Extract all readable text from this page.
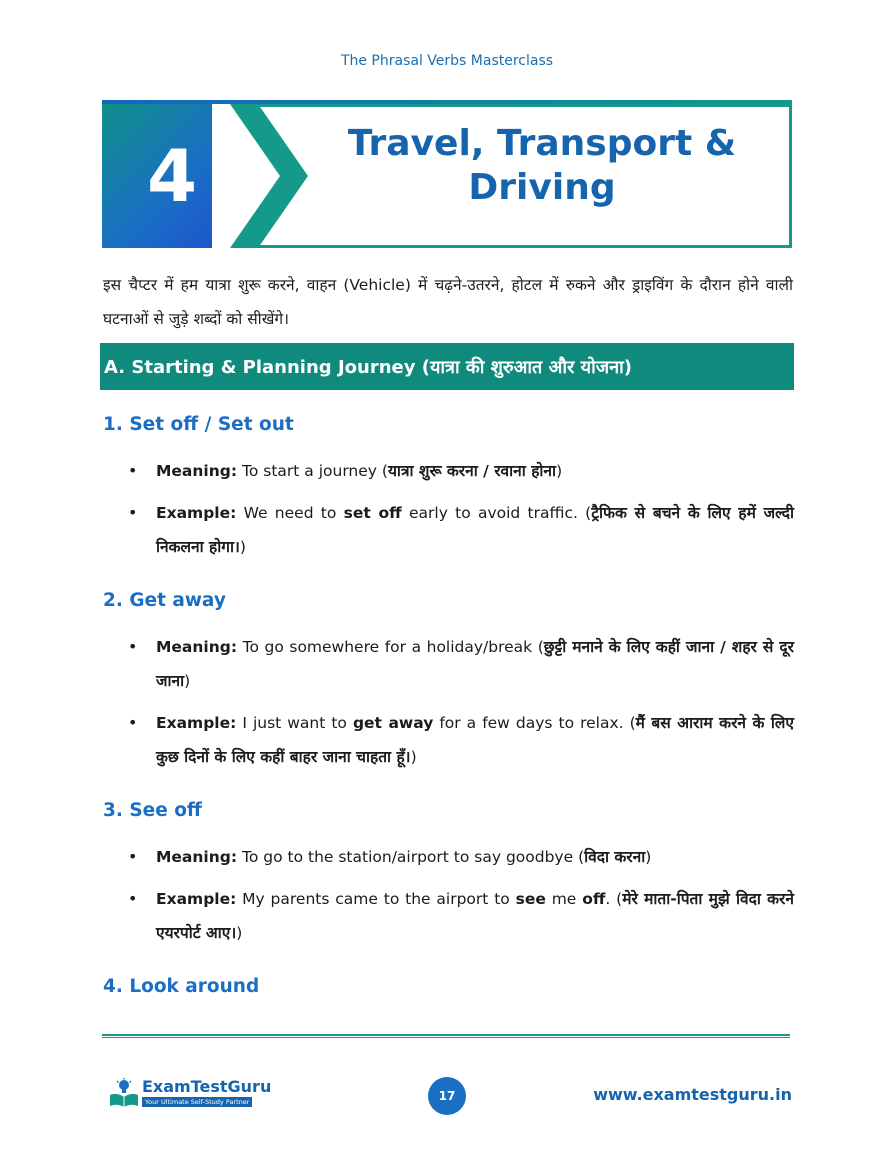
The Phrasal Verbs Masterclass
4	Travel, Transport &
Driving
इस चैप्टर में हम यात्रा शुरू करने, वाहन (Vehicle) में चढ़ने-उतरने, होटल में रुकने और ड्राइविंग के दौरान होने वाली घटनाओं से जुड़े शब्दों को सीखेंगे।
A. Starting & Planning Journey (यात्रा की शुरुआत और योजना)
1. Set off / Set out
•	Meaning: To start a journey (यात्रा शुरू करना / रवाना होना)
•	Example: We need to set off early to avoid traffic. (ट्रैफिक से बचने के लिए हमें जल्दी निकलना होगा।)
2. Get away
•	Meaning: To go somewhere for a holiday/break (छुट्टी मनाने के लिए कहीं जाना / शहर से दूर जाना)
•	Example: I just want to get away for a few days to relax. (मैं बस आराम करने के लिए कुछ दिनों के लिए कहीं बाहर जाना चाहता हूँ।)
3. See off
•	Meaning: To go to the station/airport to say goodbye (विदा करना)
•	Example: My parents came to the airport to see me off. (मेरे माता-पिता मुझे विदा करने एयरपोर्ट आए।)
4. Look around
ExamTestGuru
Your Ultimate Self-Study Partner	17	www.examtestguru.in
